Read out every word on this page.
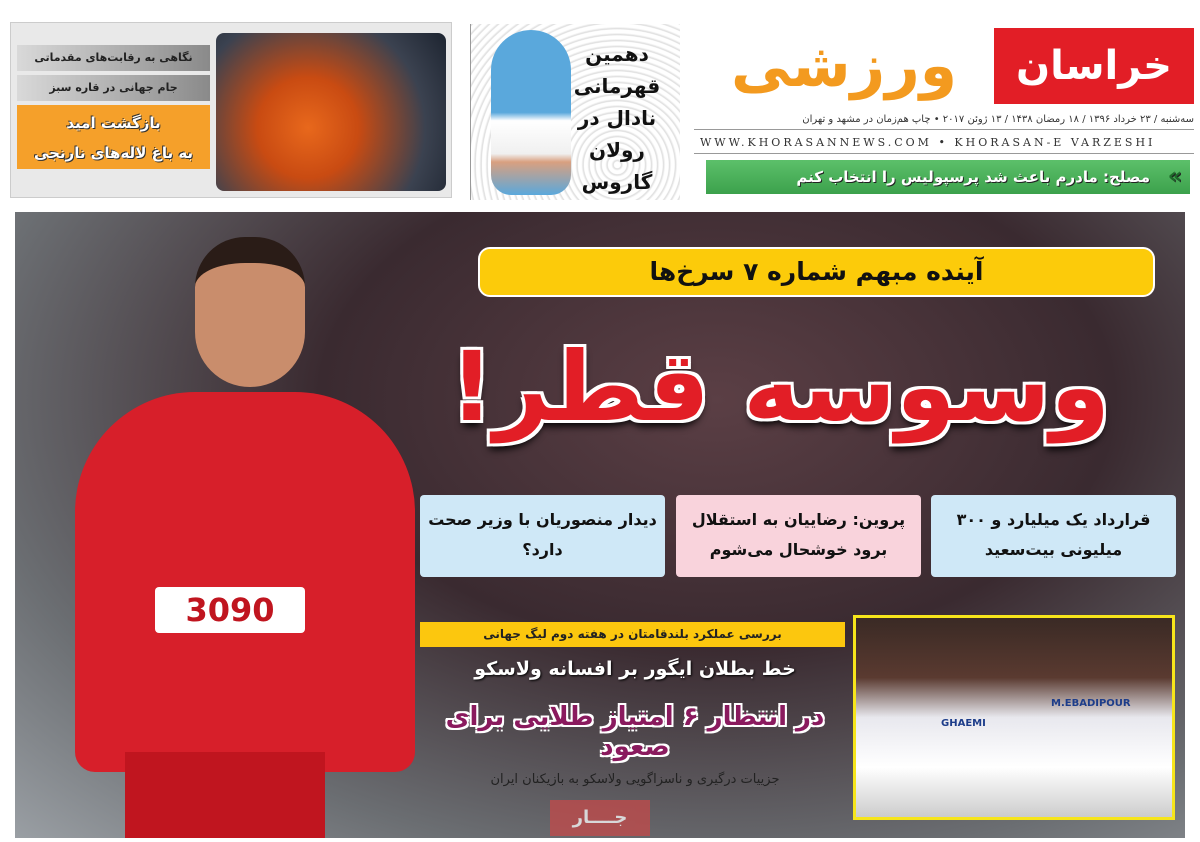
نگاهی به رقابت‌های مقدماتی
جام جهانی در قاره سبز
بازگشت امید
به باغ لاله‌های نارنجی
دهمین قهرمانی نادال در رولان گاروس
خراسان
ورزشی
سه‌شنبه / ۲۳ خرداد ۱۳۹۶ / ۱۸ رمضان ۱۴۳۸ / ۱۳ ژوئن ۲۰۱۷ • چاپ هم‌زمان در مشهد و تهران
WWW.KHORASANNEWS.COM • KHORASAN-E VARZESHI
»
مصلح: مادرم باعث شد پرسپولیس را انتخاب کنم
3090
آینده مبهم شماره ۷ سرخ‌ها
وسوسه قطر!
قرارداد یک میلیارد و ۳۰۰ میلیونی بیت‌سعید
پروین: رضاییان به استقلال برود خوشحال می‌شوم
دیدار منصوریان با وزیر صحت دارد؟
بررسی عملکرد بلندقامتان در هفته دوم لیگ جهانی
خط بطلان ایگور بر افسانه ولاسکو
در انتظار ۶ امتیاز طلایی برای صعود
جزییات درگیری و ناسزاگویی ولاسکو به بازیکنان ایران
جــــار
M.EBADIPOUR
GHAEMI
